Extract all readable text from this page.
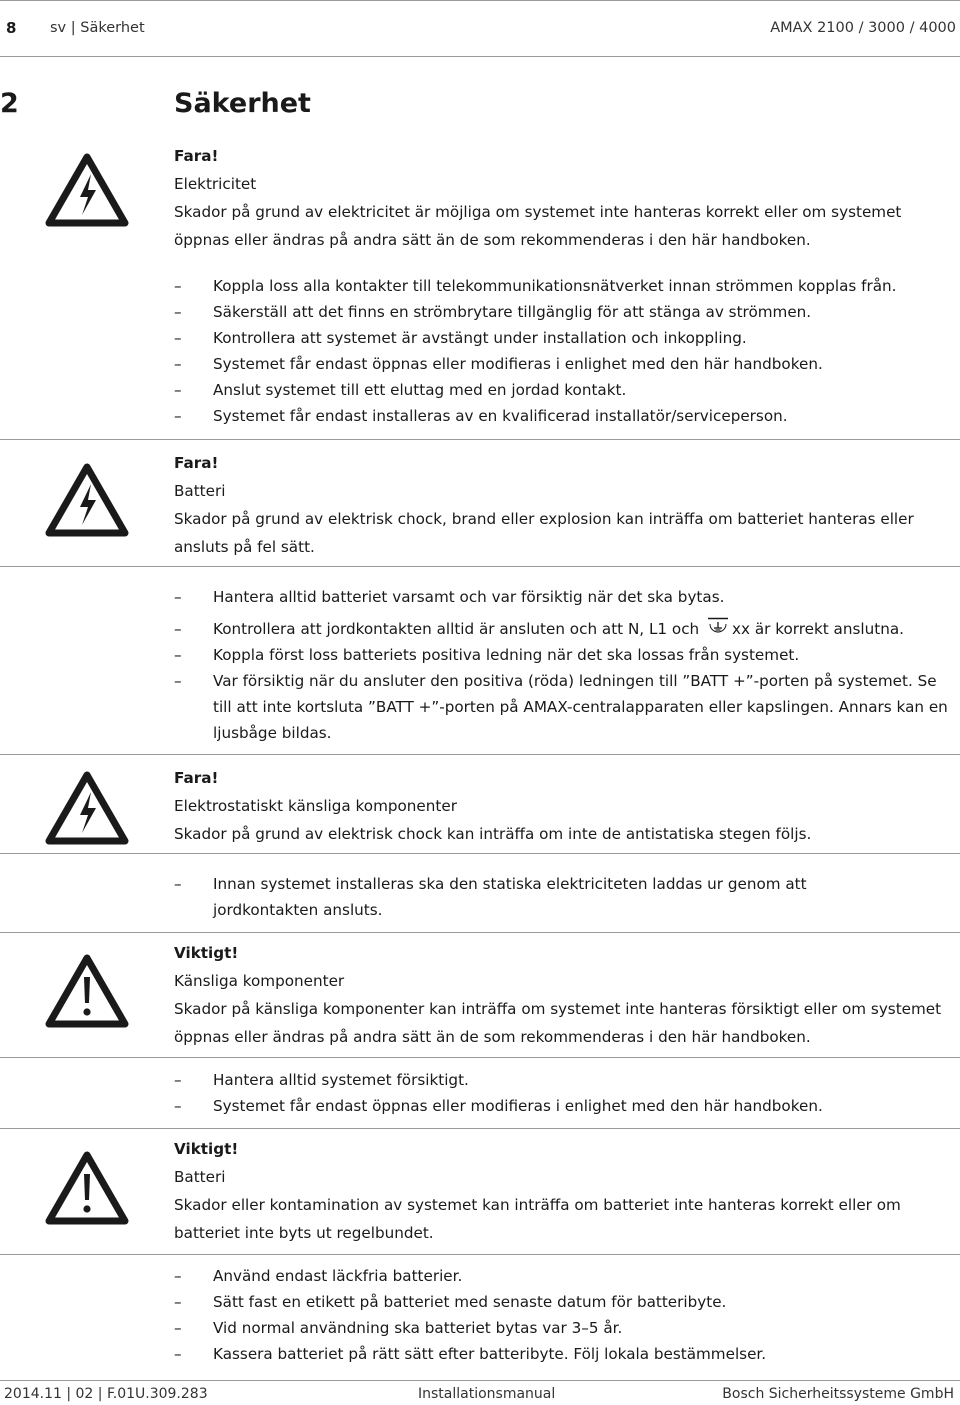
8 sv | Säkerhet	AMAX 2100 / 3000 / 4000
2	Säkerhet
Fara!
Elektricitet
Skador på grund av elektricitet är möjliga om systemet inte hanteras korrekt eller om systemet öppnas eller ändras på andra sätt än de som rekommenderas i den här handboken.
–	Koppla loss alla kontakter till telekommunikationsnätverket innan strömmen kopplas från.
–	Säkerställ att det finns en strömbrytare tillgänglig för att stänga av strömmen.
–	Kontrollera att systemet är avstängt under installation och inkoppling.
–	Systemet får endast öppnas eller modifieras i enlighet med den här handboken.
–	Anslut systemet till ett eluttag med en jordad kontakt.
–	Systemet får endast installeras av en kvalificerad installatör/serviceperson.
Fara!
Batteri
Skador på grund av elektrisk chock, brand eller explosion kan inträffa om batteriet hanteras eller ansluts på fel sätt.
–	Hantera alltid batteriet varsamt och var försiktig när det ska bytas.
–	Kontrollera att jordkontakten alltid är ansluten och att N, L1 och xx är korrekt anslutna.
–	Koppla först loss batteriets positiva ledning när det ska lossas från systemet.
–	Var försiktig när du ansluter den positiva (röda) ledningen till ”BATT +”-porten på systemet. Se till att inte kortsluta ”BATT +”-porten på AMAX-centralapparaten eller kapslingen. Annars kan en ljusbåge bildas.
Fara!
Elektrostatiskt känsliga komponenter
Skador på grund av elektrisk chock kan inträffa om inte de antistatiska stegen följs.
–	Innan systemet installeras ska den statiska elektriciteten laddas ur genom att jordkontakten ansluts.
Viktigt!
Känsliga komponenter
Skador på känsliga komponenter kan inträffa om systemet inte hanteras försiktigt eller om systemet öppnas eller ändras på andra sätt än de som rekommenderas i den här handboken.
–	Hantera alltid systemet försiktigt.
–	Systemet får endast öppnas eller modifieras i enlighet med den här handboken.
Viktigt!
Batteri
Skador eller kontamination av systemet kan inträffa om batteriet inte hanteras korrekt eller om batteriet inte byts ut regelbundet.
–	Använd endast läckfria batterier.
–	Sätt fast en etikett på batteriet med senaste datum för batteribyte.
–	Vid normal användning ska batteriet bytas var 3–5 år.
–	Kassera batteriet på rätt sätt efter batteribyte. Följ lokala bestämmelser.
2014.11 | 02 | F.01U.309.283	Installationsmanual	Bosch Sicherheitssysteme GmbH
